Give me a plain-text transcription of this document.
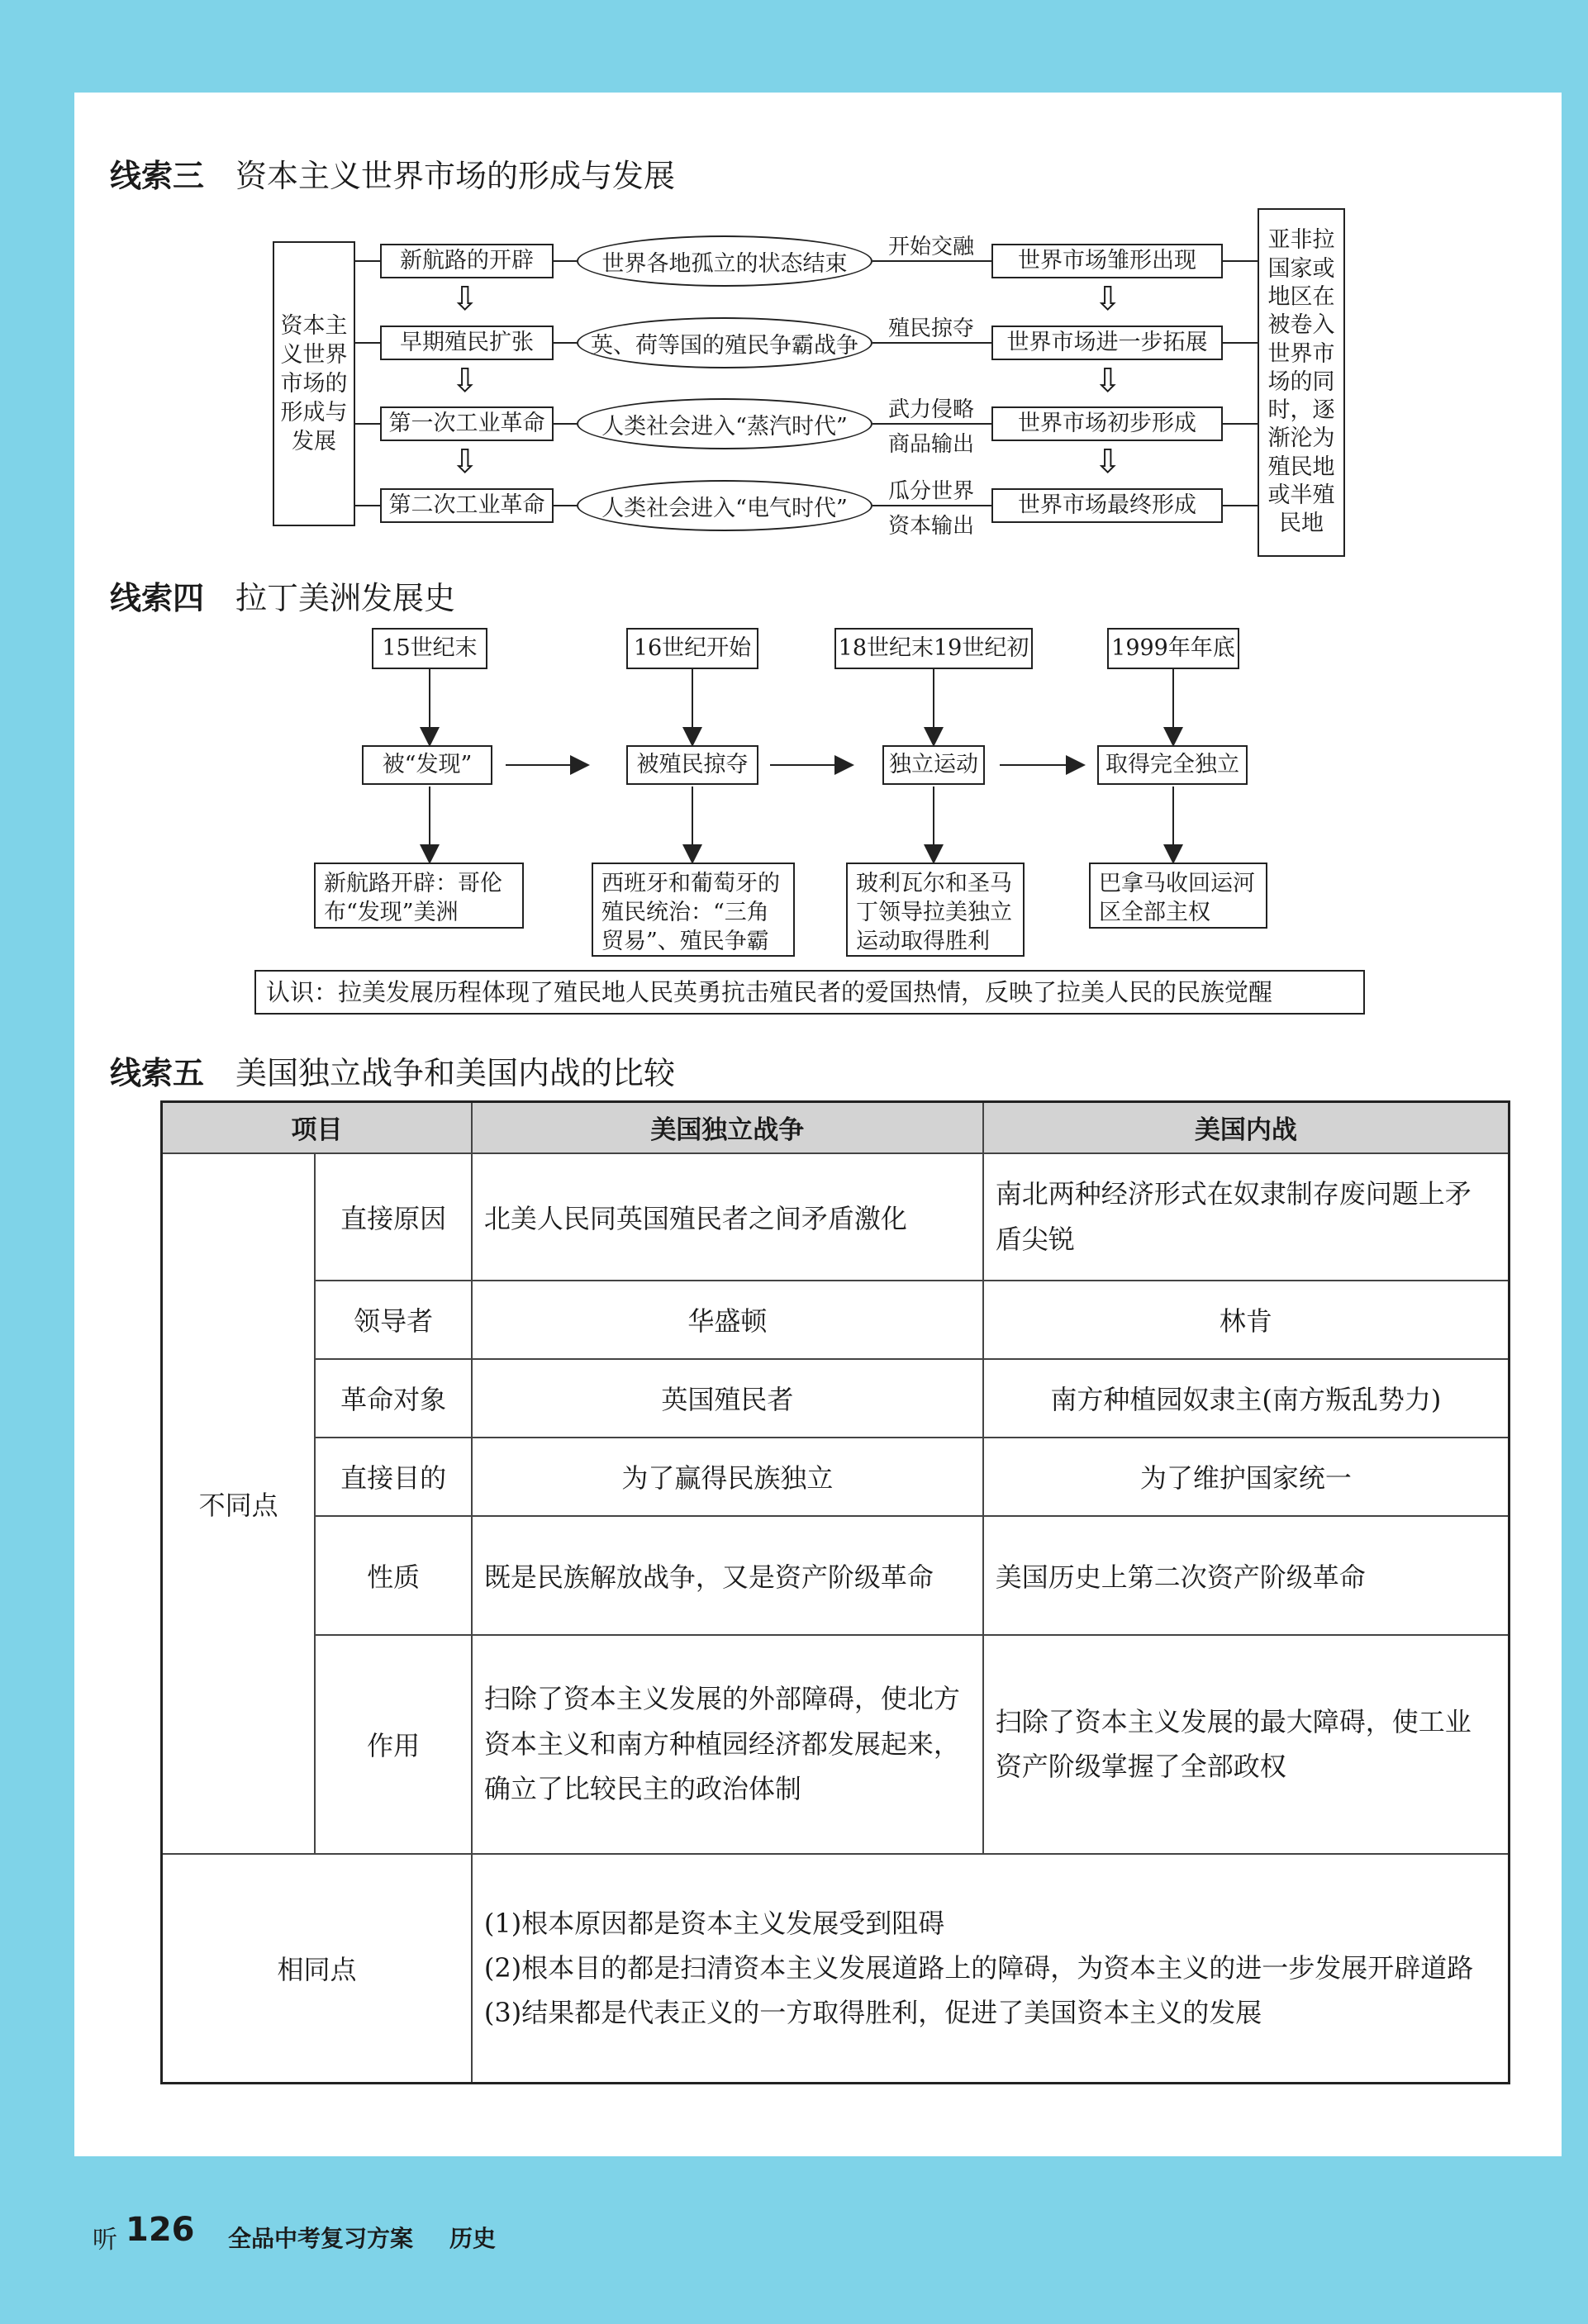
线索三 资本主义世界市场的形成与发展
资本主义世界市场的形成与发展
新航路的开辟
早期殖民扩张
第一次工业革命
第二次工业革命
⇩
⇩
⇩
世界各地孤立的状态结束
英、荷等国的殖民争霸战争
人类社会进入“蒸汽时代”
人类社会进入“电气时代”
开始交融
殖民掠夺
武力侵略
商品输出
瓜分世界
资本输出
世界市场雏形出现
世界市场进一步拓展
世界市场初步形成
世界市场最终形成
⇩
⇩
⇩
亚非拉国家或地区在被卷入世界市场的同时，逐渐沦为殖民地或半殖民地
线索四 拉丁美洲发展史
15世纪末	16世纪开始	18世纪末19世纪初	1999年年底
被“发现”	被殖民掠夺	独立运动	取得完全独立
新航路开辟：哥伦布“发现”美洲
西班牙和葡萄牙的殖民统治：“三角贸易”、殖民争霸
玻利瓦尔和圣马丁领导拉美独立运动取得胜利
巴拿马收回运河区全部主权
认识：拉美发展历程体现了殖民地人民英勇抗击殖民者的爱国热情，反映了拉美人民的民族觉醒
线索五 美国独立战争和美国内战的比较
项目		美国独立战争	美国内战
不同点	直接原因	北美人民同英国殖民者之间矛盾激化	南北两种经济形式在奴隶制存废问题上矛盾尖锐
	领导者	华盛顿	林肯
	革命对象	英国殖民者	南方种植园奴隶主(南方叛乱势力)
	直接目的	为了赢得民族独立	为了维护国家统一
	性质	既是民族解放战争，又是资产阶级革命	美国历史上第二次资产阶级革命
	作用	扫除了资本主义发展的外部障碍，使北方资本主义和南方种植园经济都发展起来，确立了比较民主的政治体制	扫除了资本主义发展的最大障碍，使工业资产阶级掌握了全部政权
相同点		(1)根本原因都是资本主义发展受到阻碍
(2)根本目的都是扫清资本主义发展道路上的障碍，为资本主义的进一步发展开辟道路
(3)结果都是代表正义的一方取得胜利，促进了美国资本主义的发展	
听 126 全品中考复习方案 历史
